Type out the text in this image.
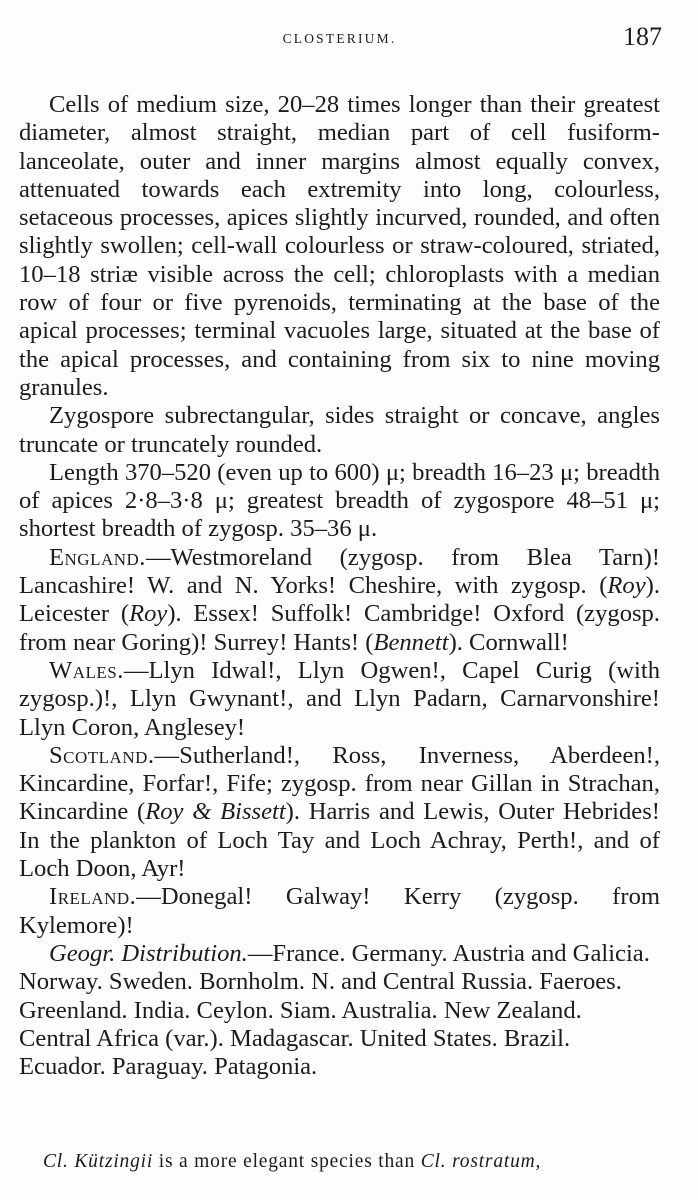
CLOSTERIUM.	187

Cells of medium size, 20–28 times longer than their greatest diameter, almost straight, median part of cell fusiform-lanceolate, outer and inner margins almost equally convex, attenuated towards each extremity into long, colourless, setaceous processes, apices slightly incurved, rounded, and often slightly swollen; cell-wall colourless or straw-coloured, striated, 10–18 striæ visible across the cell; chloroplasts with a median row of four or five pyrenoids, terminating at the base of the apical processes; terminal vacuoles large, situated at the base of the apical processes, and containing from six to nine moving granules.

Zygospore subrectangular, sides straight or concave, angles truncate or truncately rounded.

Length 370–520 (even up to 600) μ; breadth 16–23 μ; breadth of apices 2·8–3·8 μ; greatest breadth of zygospore 48–51 μ; shortest breadth of zygosp. 35–36 μ.

England.—Westmoreland (zygosp. from Blea Tarn)! Lancashire! W. and N. Yorks! Cheshire, with zygosp. (Roy). Leicester (Roy). Essex! Suffolk! Cambridge! Oxford (zygosp. from near Goring)! Surrey! Hants! (Bennett). Cornwall!

Wales.—Llyn Idwal!, Llyn Ogwen!, Capel Curig (with zygosp.)!, Llyn Gwynant!, and Llyn Padarn, Carnarvonshire! Llyn Coron, Anglesey!

Scotland.—Sutherland!, Ross, Inverness, Aberdeen!, Kincardine, Forfar!, Fife; zygosp. from near Gillan in Strachan, Kincardine (Roy & Bissett). Harris and Lewis, Outer Hebrides! In the plankton of Loch Tay and Loch Achray, Perth!, and of Loch Doon, Ayr!

Ireland.—Donegal! Galway! Kerry (zygosp. from Kylemore)!

Geogr. Distribution.—France. Germany. Austria and Galicia. Norway. Sweden. Bornholm. N. and Central Russia. Faeroes. Greenland. India. Ceylon. Siam. Australia. New Zealand. Central Africa (var.). Madagascar. United States. Brazil. Ecuador. Paraguay. Patagonia.

Cl. Kützingii is a more elegant species than Cl. rostratum,
